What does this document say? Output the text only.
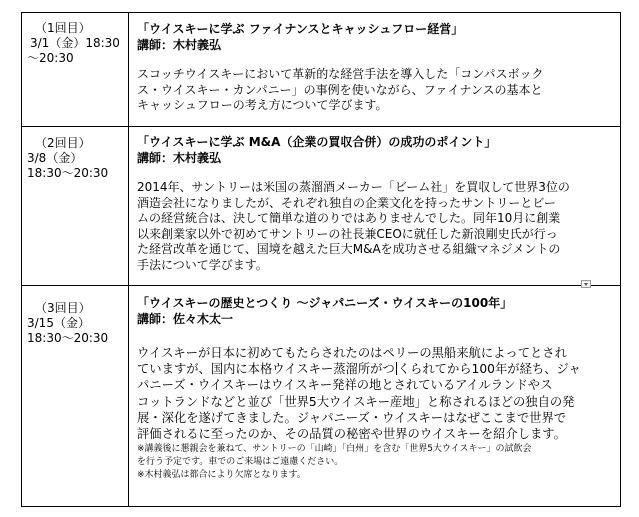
（1回目）
3/1（金）18:30
～20:30
「ウイスキーに学ぶ ファイナンスとキャッシュフロー経営」
講師：木村義弘
スコッチウイスキーにおいて革新的な経営手法を導入した「コンパスボック
ス・ウイスキー・カンパニー」の事例を使いながら、ファイナンスの基本と
キャッシュフローの考え方について学びます。
（2回目）
3/8（金）
18:30～20:30
「ウイスキーに学ぶ M&A（企業の買収合併）の成功のポイント」
講師：木村義弘
2014年、サントリーは米国の蒸溜酒メーカー「ビーム社」を買収して世界3位の
酒造会社になりましたが、それぞれ独自の企業文化を持ったサントリーとビー
ムの経営統合は、決して簡単な道のりではありませんでした。同年10月に創業
以来創業家以外で初めてサントリーの社長兼CEOに就任した新浪剛史氏が行っ
た経営改革を通じて、国境を越えた巨大M&Aを成功させる組織マネジメントの
手法について学びます。
（3回目）
3/15（金）
18:30～20:30
「ウイスキーの歴史とつくり ～ジャパニーズ・ウイスキーの100年」
講師：佐々木太一
ウイスキーが日本に初めてもたらされたのはペリーの黒船来航によってとされ
ていますが、国内に本格ウイスキー蒸溜所がつ くられてから100年が経ち、ジャ
パニーズ・ウイスキーはウイスキー発祥の地とされているアイルランドやス
コットランドなどと並び「世界5大ウイスキー産地」と称されるほどの独自の発
展・深化を遂げてきました。ジャパニーズ・ウイスキーはなぜここまで世界で
評価されるに至ったのか、その品質の秘密や世界のウイスキーを紹介します。
※講義後に懇親会を兼ねて、サントリーの「山崎」「白州」を含む「世界5大ウイスキー」の試飲会
を行う予定です。車でのご来場はご遠慮ください。
※木村義弘は都合により欠席となります。
